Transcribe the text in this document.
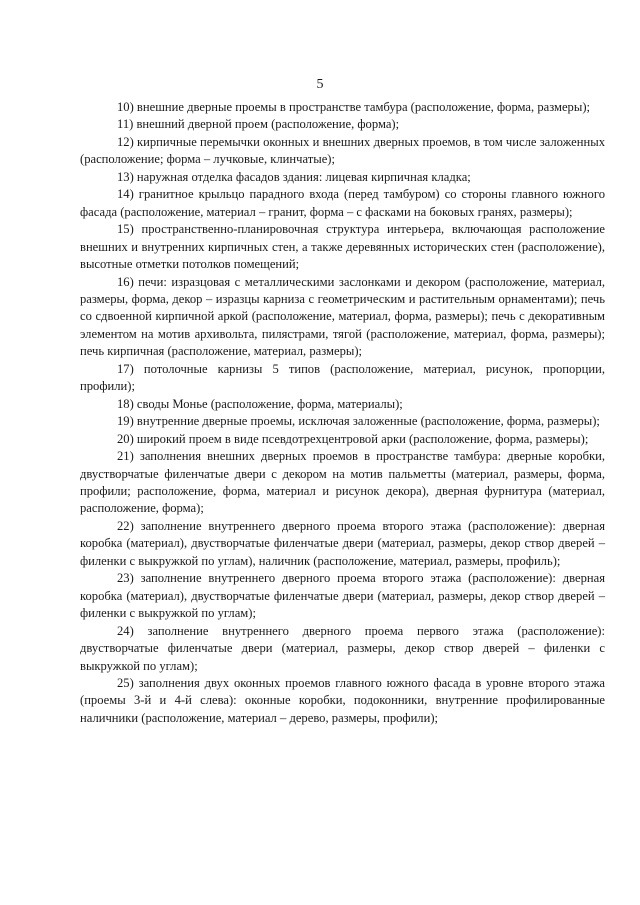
5

10) внешние дверные проемы в пространстве тамбура (расположение, форма, размеры);

11) внешний дверной проем (расположение, форма);

12) кирпичные перемычки оконных и внешних дверных проемов, в том числе заложенных (расположение; форма – лучковые, клинчатые);

13) наружная отделка фасадов здания: лицевая кирпичная кладка;

14) гранитное крыльцо парадного входа (перед тамбуром) со стороны главного южного фасада (расположение, материал – гранит, форма – с фасками на боковых гранях, размеры);

15) пространственно-планировочная структура интерьера, включающая расположение внешних и внутренних кирпичных стен, а также деревянных исторических стен (расположение), высотные отметки потолков помещений;

16) печи: изразцовая с металлическими заслонками и декором (расположение, материал, размеры, форма, декор – изразцы карниза с геометрическим и растительным орнаментами); печь со сдвоенной кирпичной аркой (расположение, материал, форма, размеры); печь с декоративным элементом на мотив архивольта, пилястрами, тягой (расположение, материал, форма, размеры); печь кирпичная (расположение, материал, размеры);

17) потолочные карнизы 5 типов (расположение, материал, рисунок, пропорции, профили);

18) своды Монье (расположение, форма, материалы);

19) внутренние дверные проемы, исключая заложенные (расположение, форма, размеры);

20) широкий проем в виде псевдотрехцентровой арки (расположение, форма, размеры);

21) заполнения внешних дверных проемов в пространстве тамбура: дверные коробки, двустворчатые филенчатые двери с декором на мотив пальметты (материал, размеры, форма, профили; расположение, форма, материал и рисунок декора), дверная фурнитура (материал, расположение, форма);

22) заполнение внутреннего дверного проема второго этажа (расположение): дверная коробка (материал), двустворчатые филенчатые двери (материал, размеры, декор створ дверей – филенки с выкружкой по углам), наличник (расположение, материал, размеры, профиль);

23) заполнение внутреннего дверного проема второго этажа (расположение): дверная коробка (материал), двустворчатые филенчатые двери (материал, размеры, декор створ дверей – филенки с выкружкой по углам);

24) заполнение внутреннего дверного проема первого этажа (расположение): двустворчатые филенчатые двери (материал, размеры, декор створ дверей – филенки с выкружкой по углам);

25) заполнения двух оконных проемов главного южного фасада в уровне второго этажа (проемы 3-й и 4-й слева): оконные коробки, подоконники, внутренние профилированные наличники (расположение, материал – дерево, размеры, профили);
